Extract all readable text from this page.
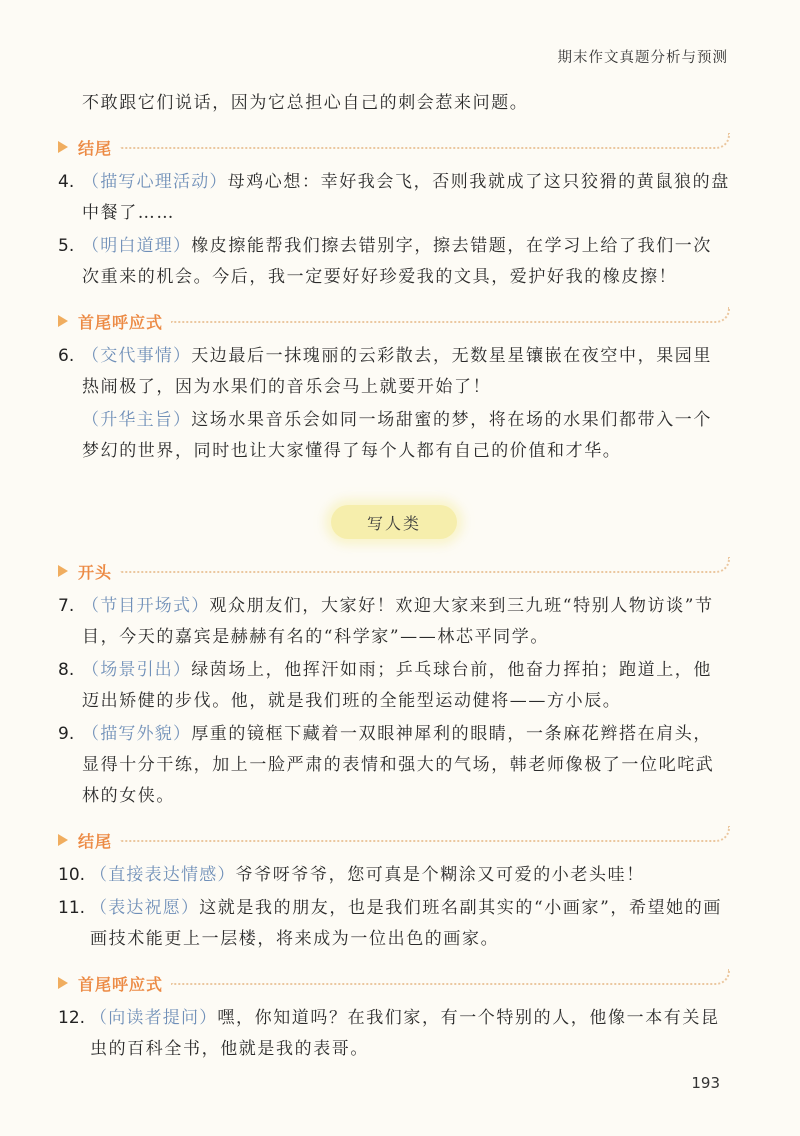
期末作文真题分析与预测

不敢跟它们说话，因为它总担心自己的刺会惹来问题。

结尾

4. （描写心理活动）母鸡心想：幸好我会飞，否则我就成了这只狡猾的黄鼠狼的盘中餐了……

5. （明白道理）橡皮擦能帮我们擦去错别字，擦去错题，在学习上给了我们一次次重来的机会。今后，我一定要好好珍爱我的文具，爱护好我的橡皮擦！

首尾呼应式

6. （交代事情）天边最后一抹瑰丽的云彩散去，无数星星镶嵌在夜空中，果园里热闹极了，因为水果们的音乐会马上就要开始了！

（升华主旨）这场水果音乐会如同一场甜蜜的梦，将在场的水果们都带入一个梦幻的世界，同时也让大家懂得了每个人都有自己的价值和才华。

写人类
开头

7. （节目开场式）观众朋友们，大家好！欢迎大家来到三九班“特别人物访谈”节目，今天的嘉宾是赫赫有名的“科学家”——林芯平同学。

8. （场景引出）绿茵场上，他挥汗如雨；乒乓球台前，他奋力挥拍；跑道上，他迈出矫健的步伐。他，就是我们班的全能型运动健将——方小辰。

9. （描写外貌）厚重的镜框下藏着一双眼神犀利的眼睛，一条麻花辫搭在肩头，显得十分干练，加上一脸严肃的表情和强大的气场，韩老师像极了一位叱咤武林的女侠。

结尾

10. （直接表达情感）爷爷呀爷爷，您可真是个糊涂又可爱的小老头哇！

11. （表达祝愿）这就是我的朋友，也是我们班名副其实的“小画家”，希望她的画画技术能更上一层楼，将来成为一位出色的画家。

首尾呼应式

12. （向读者提问）嘿，你知道吗？在我们家，有一个特别的人，他像一本有关昆虫的百科全书，他就是我的表哥。

193
